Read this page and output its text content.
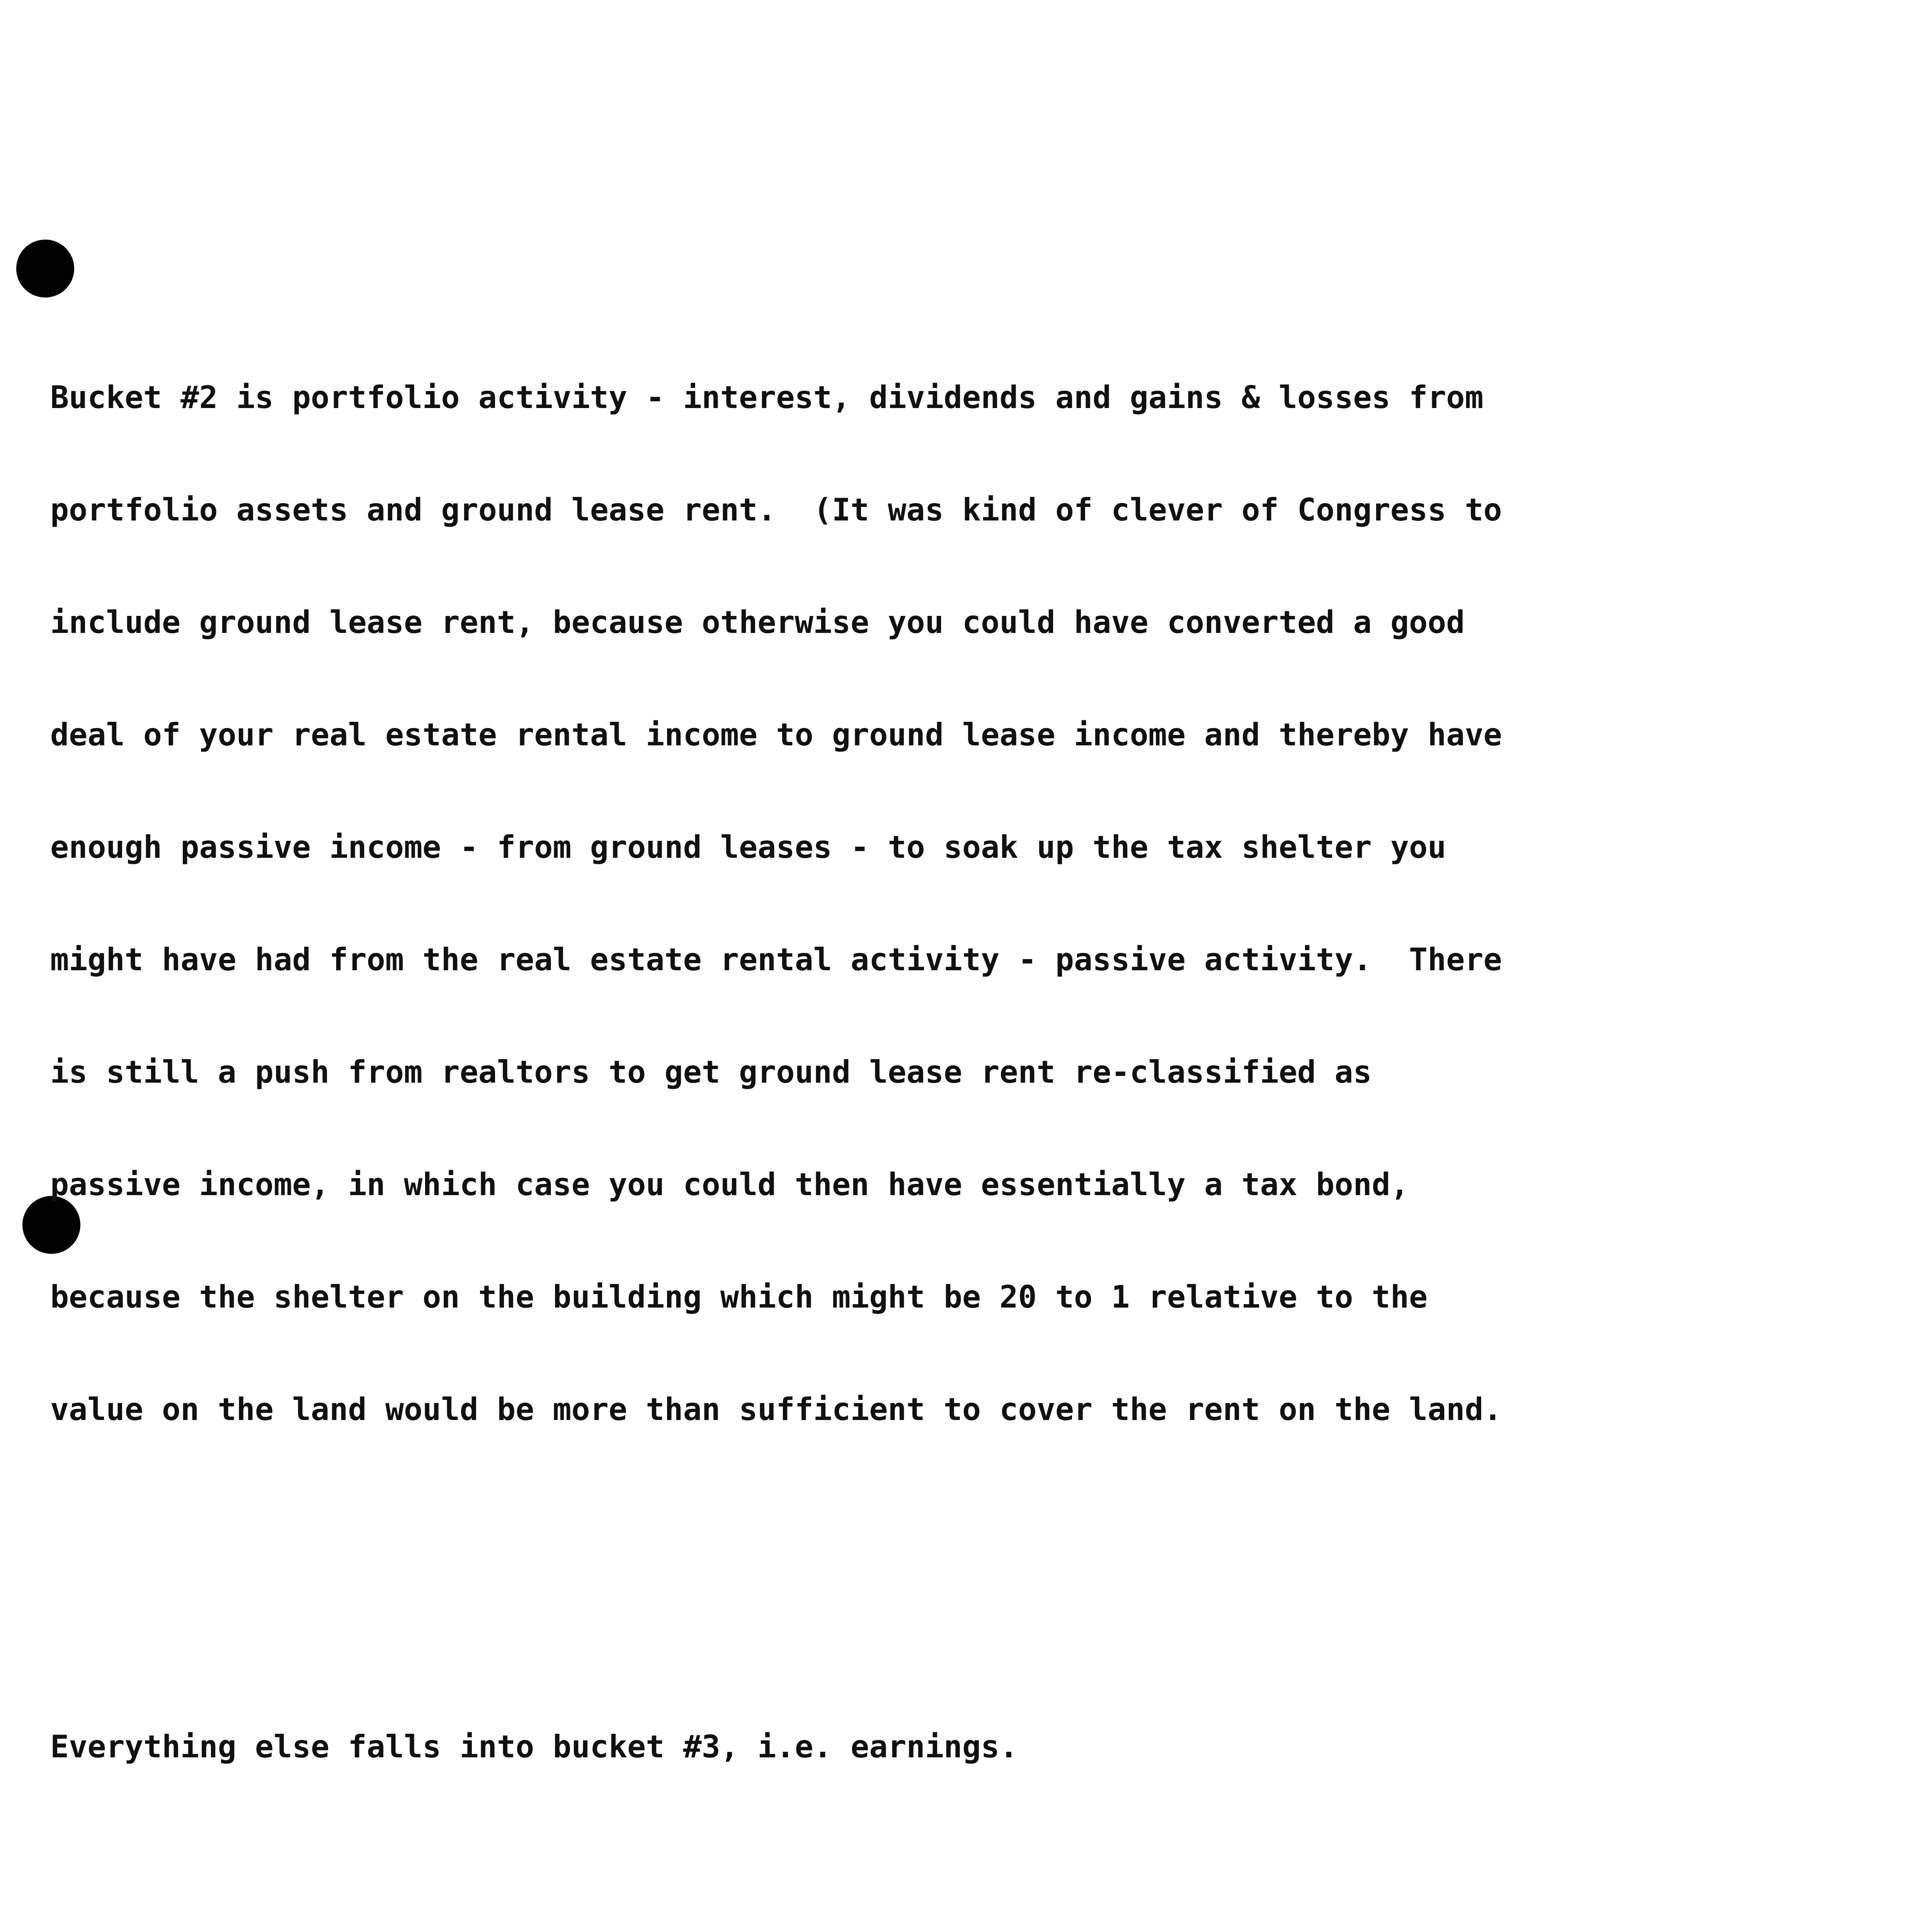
Bucket #2 is portfolio activity - interest, dividends and gains & losses from

portfolio assets and ground lease rent.  (It was kind of clever of Congress to

include ground lease rent, because otherwise you could have converted a good

deal of your real estate rental income to ground lease income and thereby have

enough passive income - from ground leases - to soak up the tax shelter you

might have had from the real estate rental activity - passive activity.  There

is still a push from realtors to get ground lease rent re-classified as

passive income, in which case you could then have essentially a tax bond,

because the shelter on the building which might be 20 to 1 relative to the

value on the land would be more than sufficient to cover the rent on the land.

Everything else falls into bucket #3, i.e. earnings.
